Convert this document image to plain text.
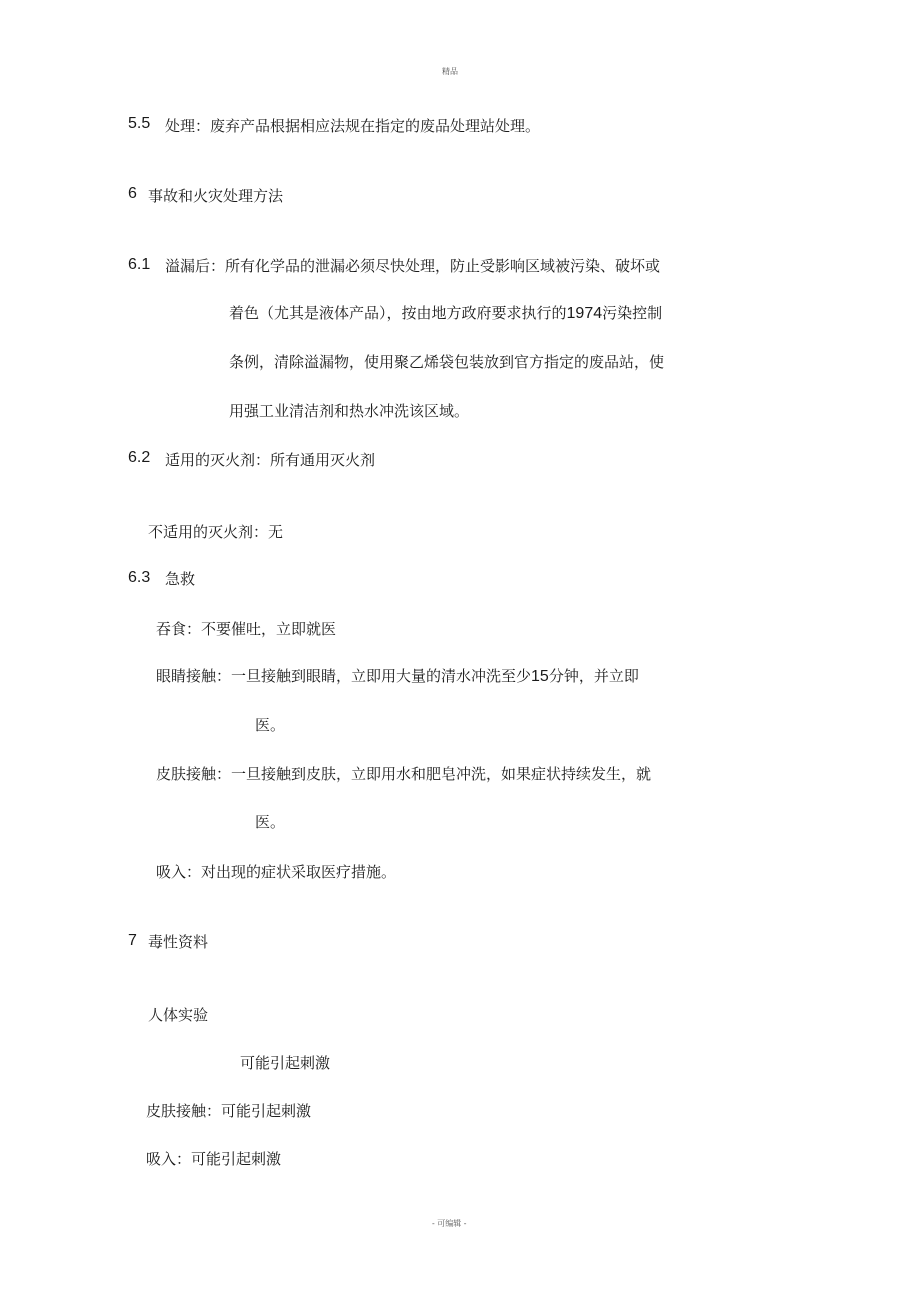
精品
5.5 处理：废弃产品根据相应法规在指定的废品处理站处理。
6 事故和火灾处理方法
6.1 溢漏后：所有化学品的泄漏必须尽快处理，防止受影响区域被污染、破坏或
着色（尤其是液体产品），按由地方政府要求执行的1974污染控制
条例，清除溢漏物，使用聚乙烯袋包装放到官方指定的废品站，使
用强工业清洁剂和热水冲洗该区域。
6.2 适用的灭火剂：所有通用灭火剂
不适用的灭火剂：无
6.3 急救
吞食：不要催吐，立即就医
眼睛接触：一旦接触到眼睛，立即用大量的清水冲洗至少15分钟，并立即
医。
皮肤接触：一旦接触到皮肤，立即用水和肥皂冲洗，如果症状持续发生，就
医。
吸入：对出现的症状采取医疗措施。
7 毒性资料
人体实验
可能引起刺激
皮肤接触：可能引起刺激
吸入：可能引起刺激
- 可编辑 -
